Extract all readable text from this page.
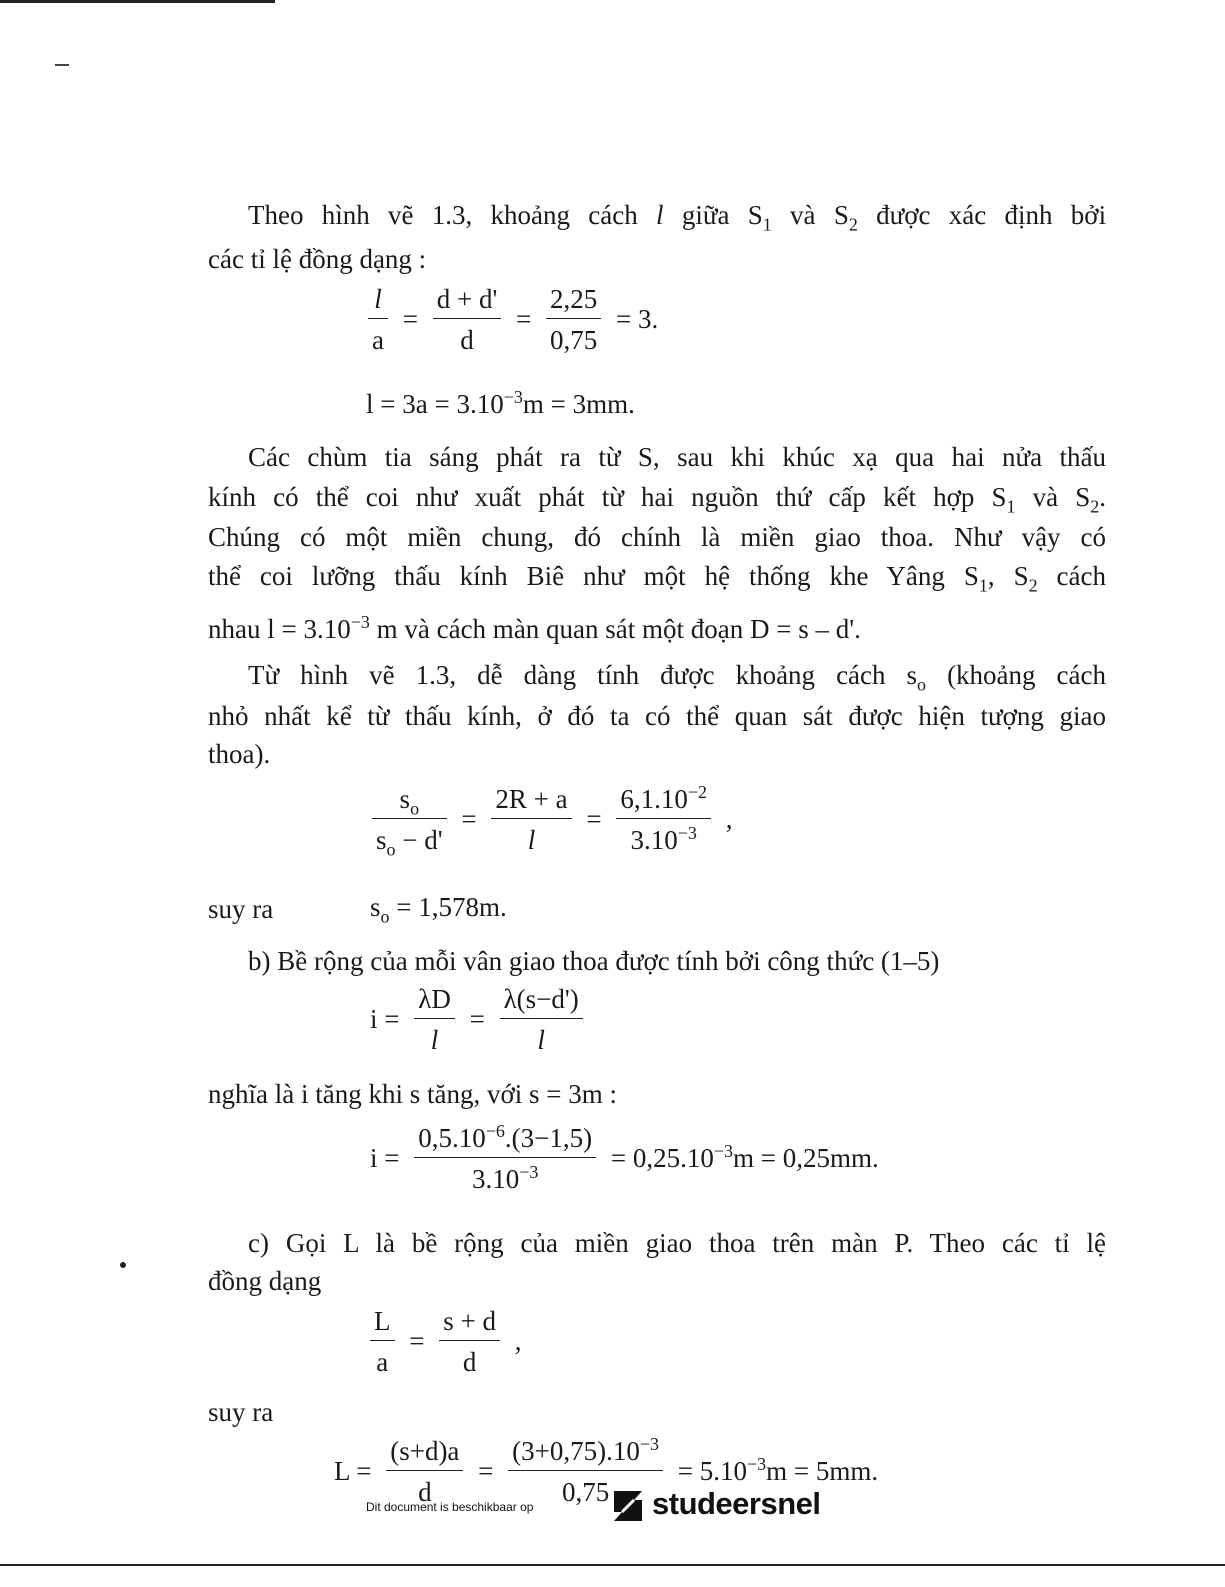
Theo hình vẽ 1.3, khoảng cách l giữa $S_1$ và $S_2$ được xác định bởi
các tỉ lệ đồng dạng :
$\frac{l}{a} = \frac{d + d'}{d} = \frac{2,25}{0,75} = 3$.
$l = 3a = 3.10^{-3}m = 3mm$.
Các chùm tia sáng phát ra từ S, sau khi khúc xạ qua hai nửa thấu
kính có thể coi như xuất phát từ hai nguồn thứ cấp kết hợp $S_1$ và $S_2$.
Chúng có một miền chung, đó chính là miền giao thoa. Như vậy có
thể coi lưỡng thấu kính Biê như một hệ thống khe Yâng $S_1$, $S_2$ cách
nhau $l = 3.10^{-3}$ m và cách màn quan sát một đoạn D = s – d'.
Từ hình vẽ 1.3, dễ dàng tính được khoảng cách $s_o$ (khoảng cách
nhỏ nhất kể từ thấu kính, ở đó ta có thể quan sát được hiện tượng giao
thoa).
$\frac{s_o}{s_o - d'} = \frac{2R + a}{l} = \frac{6,1.10^{-2}}{3.10^{-3}}$ ,
suy ra	$s_o = 1,578m$.
b) Bề rộng của mỗi vân giao thoa được tính bởi công thức (1–5)
$i = \frac{\lambda D}{l} = \frac{\lambda(s-d')}{l}$
nghĩa là i tăng khi s tăng, với s = 3m :
$i = \frac{0,5.10^{-6}.(3-1,5)}{3.10^{-3}} = 0,25.10^{-3}m = 0,25mm$.
c) Gọi L là bề rộng của miền giao thoa trên màn P. Theo các tỉ lệ
đồng dạng
$\frac{L}{a} = \frac{s + d}{d}$ ,
suy ra
$L = \frac{(s+d)a}{d} = \frac{(3+0,75).10^{-3}}{0,75} = 5.10^{-3}m = 5mm$.
Dit document is beschikbaar op	studeersnel
